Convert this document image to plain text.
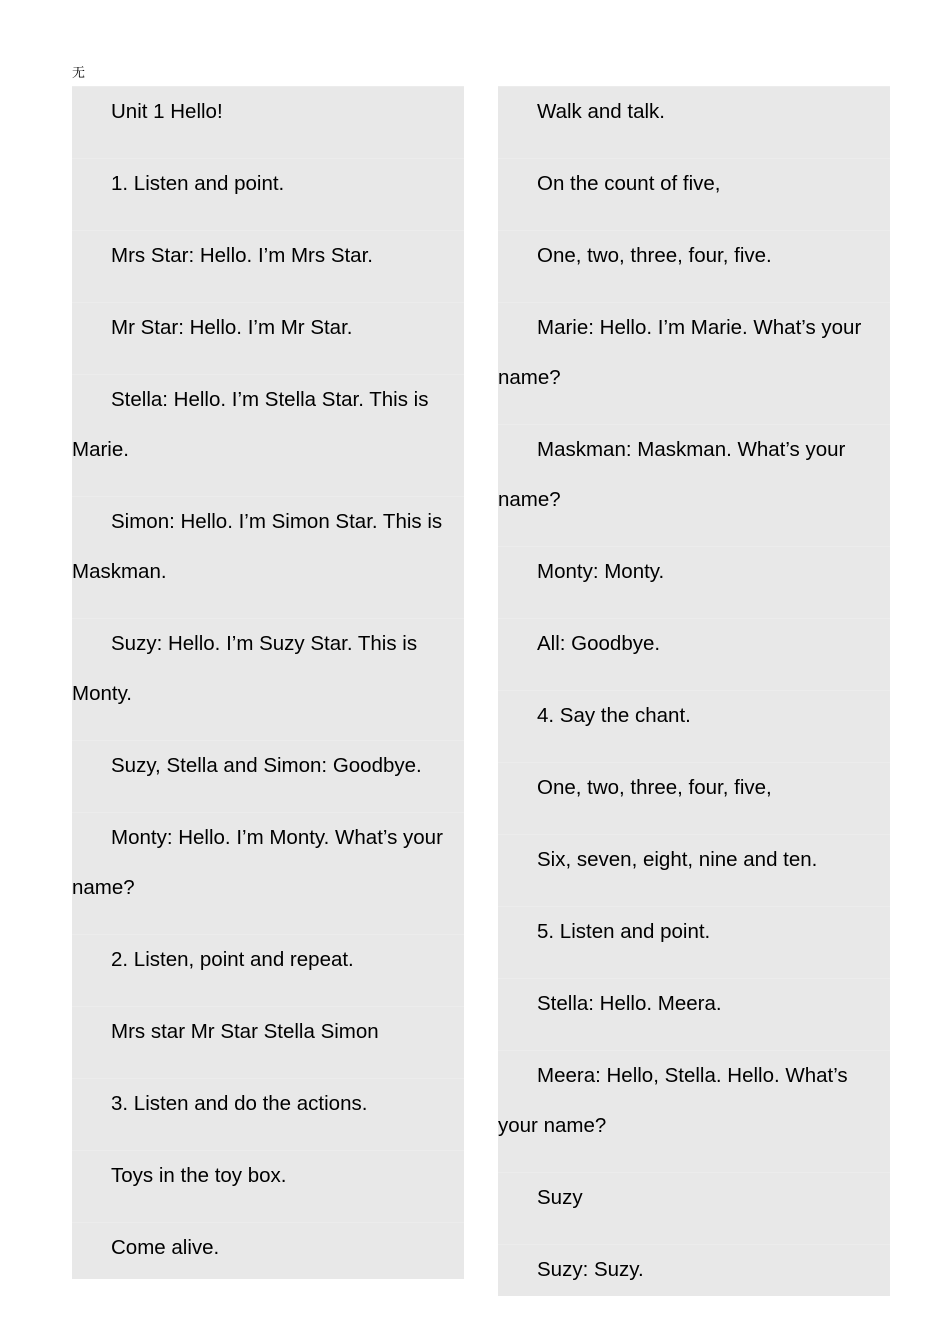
无
Unit 1 Hello!
1. Listen and point.
Mrs Star: Hello. I’m Mrs Star.
Mr Star: Hello. I’m Mr Star.
Stella: Hello. I’m Stella Star. This is Marie.
Simon: Hello. I’m Simon Star. This is Maskman.
Suzy: Hello. I’m Suzy Star. This is Monty.
Suzy, Stella and Simon: Goodbye.
Monty: Hello. I’m Monty. What’s your name?
2. Listen, point and repeat.
Mrs star Mr Star Stella Simon
3. Listen and do the actions.
Toys in the toy box.
Come alive.
Walk and talk.
On the count of five,
One, two, three, four, five.
Marie: Hello. I’m Marie. What’s your name?
Maskman: Maskman. What’s your name?
Monty: Monty.
All: Goodbye.
4. Say the chant.
One, two, three, four, five,
Six, seven, eight, nine and ten.
5. Listen and point.
Stella: Hello. Meera.
Meera: Hello, Stella. Hello. What’s your name?
Suzy
Suzy: Suzy.
